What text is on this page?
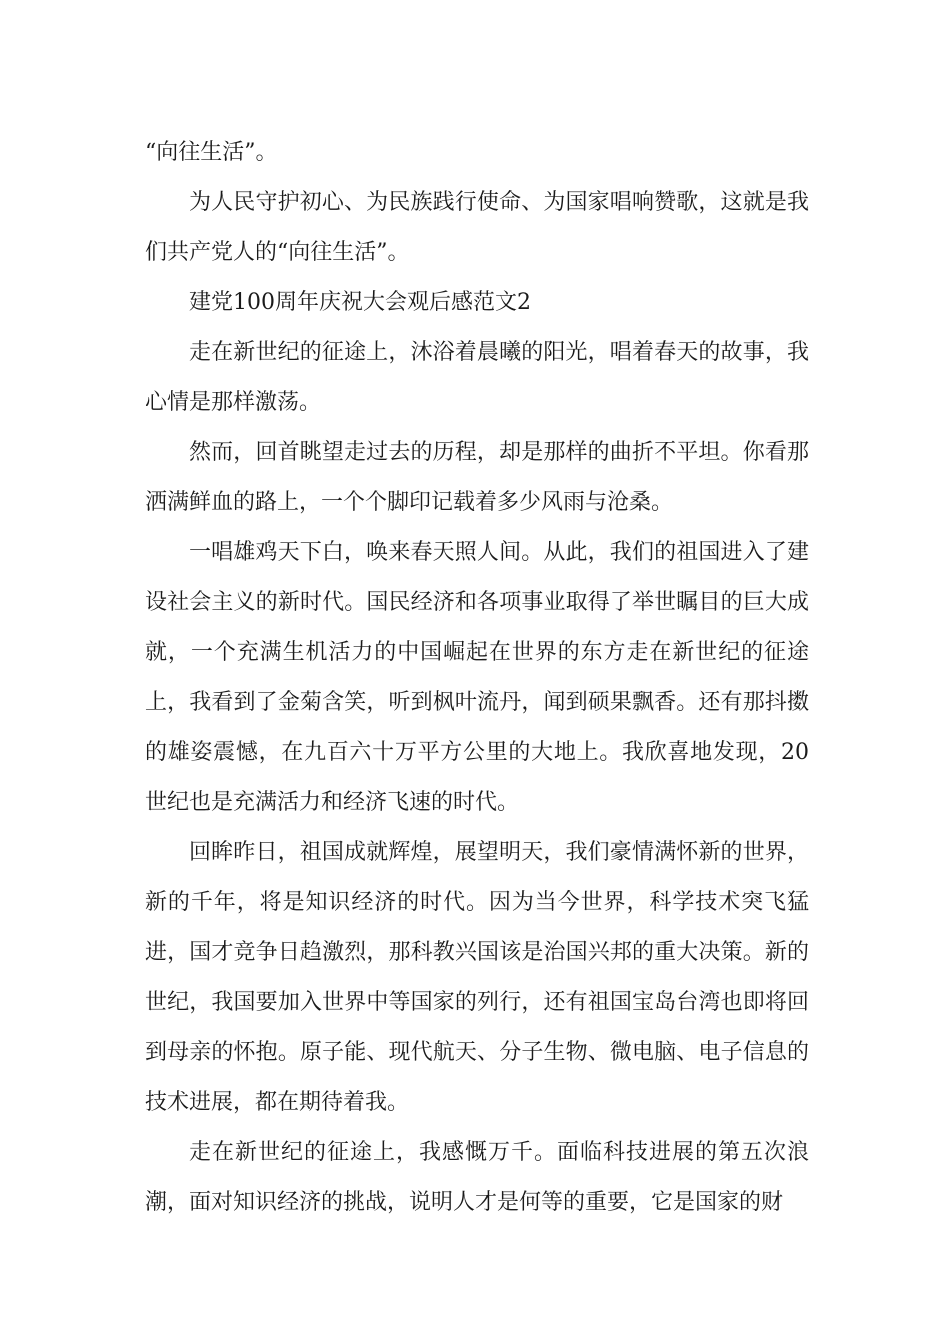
“向往生活”。

为人民守护初心、为民族践行使命、为国家唱响赞歌，这就是我们共产党人的“向往生活”。

建党100周年庆祝大会观后感范文2

走在新世纪的征途上，沐浴着晨曦的阳光，唱着春天的故事，我心情是那样激荡。

然而，回首眺望走过去的历程，却是那样的曲折不平坦。你看那洒满鲜血的路上，一个个脚印记载着多少风雨与沧桑。

一唱雄鸡天下白，唤来春天照人间。从此，我们的祖国进入了建设社会主义的新时代。国民经济和各项事业取得了举世瞩目的巨大成就，一个充满生机活力的中国崛起在世界的东方走在新世纪的征途上，我看到了金菊含笑，听到枫叶流丹，闻到硕果飘香。还有那抖擞的雄姿震憾，在九百六十万平方公里的大地上。我欣喜地发现，20世纪也是充满活力和经济飞速的时代。

回眸昨日，祖国成就辉煌，展望明天，我们豪情满怀新的世界，新的千年，将是知识经济的时代。因为当今世界，科学技术突飞猛进，国才竞争日趋激烈，那科教兴国该是治国兴邦的重大决策。新的世纪，我国要加入世界中等国家的列行，还有祖国宝岛台湾也即将回到母亲的怀抱。原子能、现代航天、分子生物、微电脑、电子信息的技术进展，都在期待着我。

走在新世纪的征途上，我感慨万千。面临科技进展的第五次浪潮，面对知识经济的挑战，说明人才是何等的重要，它是国家的财
